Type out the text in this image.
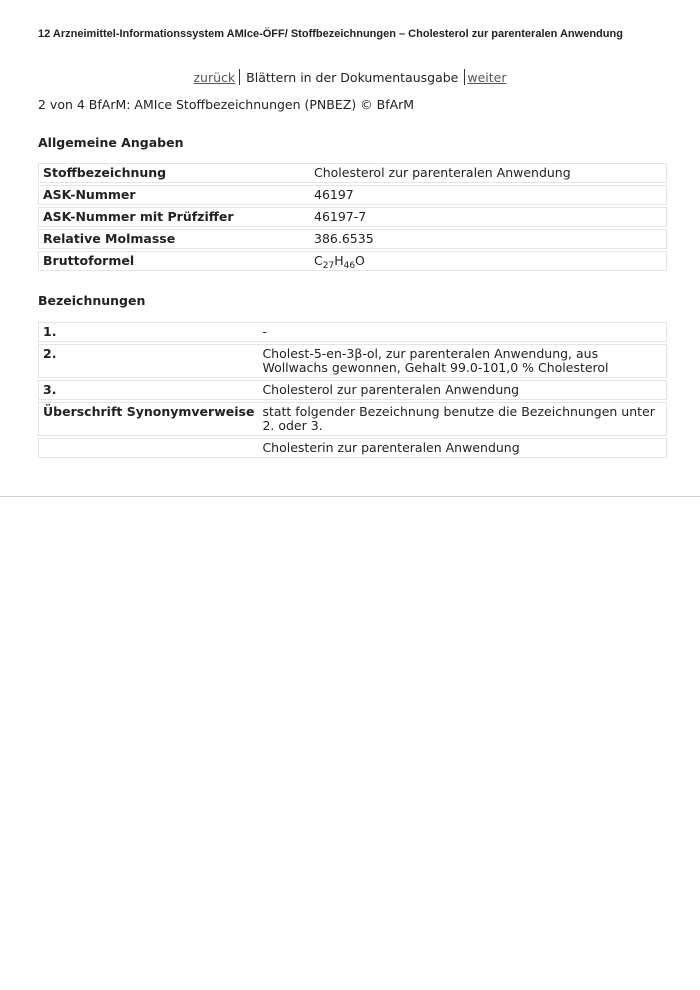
12 Arzneimittel-Informationssystem AMIce-ÖFF/ Stoffbezeichnungen – Cholesterol zur parenteralen Anwendung
zurück Blättern in der Dokumentausgabe weiter
2 von 4 BfArM: AMIce Stoffbezeichnungen (PNBEZ) © BfArM
Allgemeine Angaben
Stoffbezeichnung	Cholesterol zur parenteralen Anwendung
ASK-Nummer	46197
ASK-Nummer mit Prüfziffer	46197-7
Relative Molmasse	386.6535
Bruttoformel	$C_{27}H_{46}O$
Bezeichnungen
1.	-
2.	Cholest-5-en-3β-ol, zur parenteralen Anwendung, aus Wollwachs gewonnen, Gehalt 99.0-101,0 % Cholesterol
3.	Cholesterol zur parenteralen Anwendung
Überschrift Synonymverweise	statt folgender Bezeichnung benutze die Bezeichnungen unter 2. oder 3.
	Cholesterin zur parenteralen Anwendung
